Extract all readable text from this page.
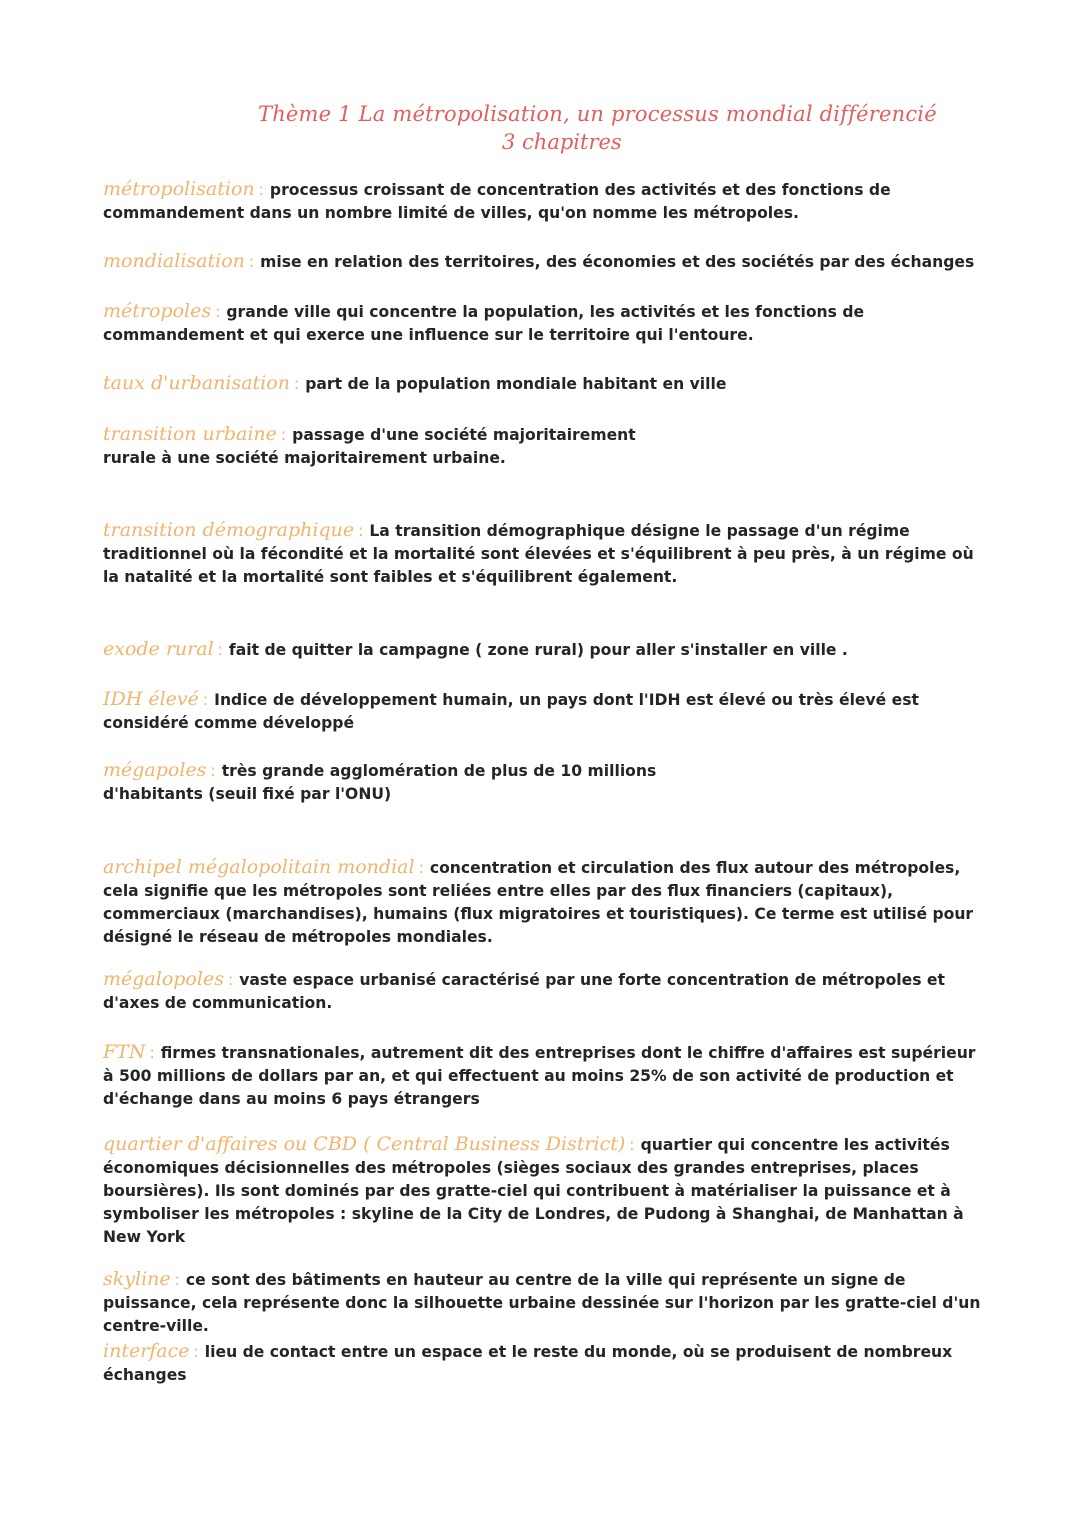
Thème 1 La métropolisation, un processus mondial différencié
3 chapitres
métropolisation : processus croissant de concentration des activités et des fonctions de commandement dans un nombre limité de villes, qu'on nomme les métropoles.
mondialisation : mise en relation des territoires, des économies et des sociétés par des échanges
métropoles : grande ville qui concentre la population, les activités et les fonctions de commandement et qui exerce une influence sur le territoire qui l'entoure.
taux d'urbanisation : part de la population mondiale habitant en ville
transition urbaine : passage d'une société majoritairement rurale à une société majoritairement urbaine.
transition démographique : La transition démographique désigne le passage d'un régime traditionnel où la fécondité et la mortalité sont élevées et s'équilibrent à peu près, à un régime où la natalité et la mortalité sont faibles et s'équilibrent également.
exode rural : fait de quitter la campagne ( zone rural) pour aller s'installer en ville .
IDH élevé : Indice de développement humain, un pays dont l'IDH est élevé ou très élevé est considéré comme développé
mégapoles : très grande agglomération de plus de 10 millions d'habitants (seuil fixé par l'ONU)
archipel mégalopolitain mondial : concentration et circulation des flux autour des métropoles, cela signifie que les métropoles sont reliées entre elles par des flux financiers (capitaux), commerciaux (marchandises), humains (flux migratoires et touristiques). Ce terme est utilisé pour désigné le réseau de métropoles mondiales.
mégalopoles : vaste espace urbanisé caractérisé par une forte concentration de métropoles et d'axes de communication.
FTN : firmes transnationales, autrement dit des entreprises dont le chiffre d'affaires est supérieur à 500 millions de dollars par an, et qui effectuent au moins 25% de son activité de production et d'échange dans au moins 6 pays étrangers
quartier d'affaires ou CBD ( Central Business District) : quartier qui concentre les activités économiques décisionnelles des métropoles (sièges sociaux des grandes entreprises, places boursières). Ils sont dominés par des gratte-ciel qui contribuent à matérialiser la puissance et à symboliser les métropoles : skyline de la City de Londres, de Pudong à Shanghai, de Manhattan à New York
skyline : ce sont des bâtiments en hauteur au centre de la ville qui représente un signe de puissance, cela représente donc la silhouette urbaine dessinée sur l'horizon par les gratte-ciel d'un centre-ville.
interface : lieu de contact entre un espace et le reste du monde, où se produisent de nombreux échanges
